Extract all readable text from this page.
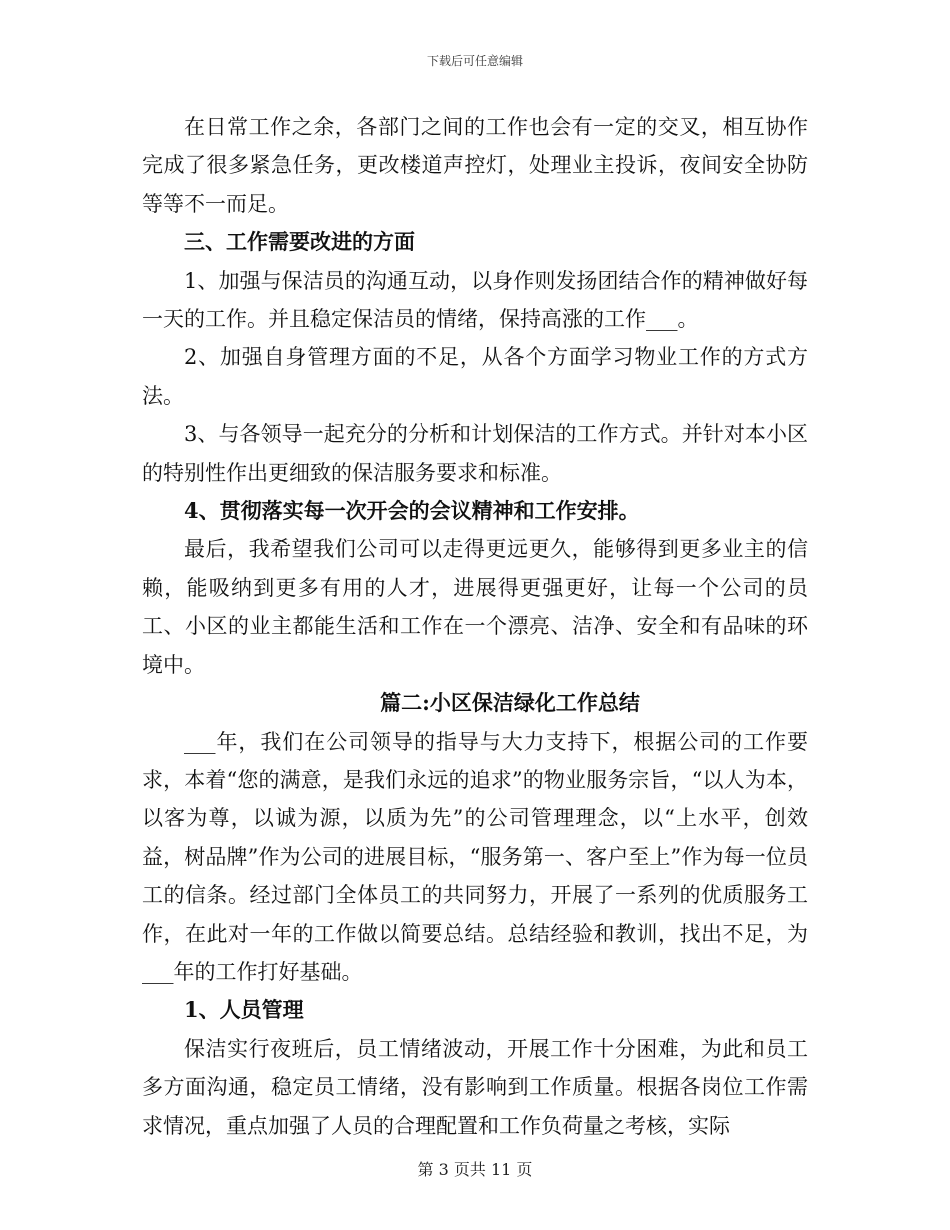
下载后可任意编辑

在日常工作之余，各部门之间的工作也会有一定的交叉，相互协作完成了很多紧急任务，更改楼道声控灯，处理业主投诉，夜间安全协防等等不一而足。

三、工作需要改进的方面

1、加强与保洁员的沟通互动，以身作则发扬团结合作的精神做好每一天的工作。并且稳定保洁员的情绪，保持高涨的工作___。

2、加强自身管理方面的不足，从各个方面学习物业工作的方式方法。

3、与各领导一起充分的分析和计划保洁的工作方式。并针对本小区的特别性作出更细致的保洁服务要求和标准。

4、贯彻落实每一次开会的会议精神和工作安排。

最后，我希望我们公司可以走得更远更久，能够得到更多业主的信赖，能吸纳到更多有用的人才，进展得更强更好，让每一个公司的员工、小区的业主都能生活和工作在一个漂亮、洁净、安全和有品味的环境中。

篇二:小区保洁绿化工作总结

___年，我们在公司领导的指导与大力支持下，根据公司的工作要求，本着“您的满意，是我们永远的追求”的物业服务宗旨，“以人为本，以客为尊，以诚为源，以质为先”的公司管理理念，以“上水平，创效益，树品牌”作为公司的进展目标，“服务第一、客户至上”作为每一位员工的信条。经过部门全体员工的共同努力，开展了一系列的优质服务工作，在此对一年的工作做以简要总结。总结经验和教训，找出不足，为___年的工作打好基础。

1、人员管理

保洁实行夜班后，员工情绪波动，开展工作十分困难，为此和员工多方面沟通，稳定员工情绪，没有影响到工作质量。根据各岗位工作需求情况，重点加强了人员的合理配置和工作负荷量之考核，实际

第 3 页共 11 页
